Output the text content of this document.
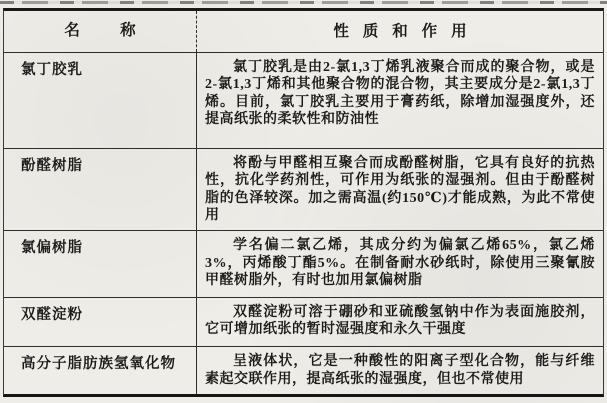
名称	性质和作用
氯丁胶乳	氯丁胶乳是由2-氯1,3丁烯乳液聚合而成的聚合物，或是2-氯1,3丁烯和其他聚合物的混合物，其主要成分是2-氯1,3丁烯。目前，氯丁胶乳主要用于膏药纸，除增加湿强度外，还提高纸张的柔软性和防油性

酚醛树脂	将酚与甲醛相互聚合而成酚醛树脂，它具有良好的抗热性，抗化学药剂性，可作用为纸张的湿强剂。但由于酚醛树脂的色泽较深。加之需高温(约150℃)才能成熟，为此不常使用

氯偏树脂	学名偏二氯乙烯，其成分约为偏氯乙烯65%，氯乙烯3%，丙烯酸丁酯5%。在制备耐水砂纸时，除使用三聚氰胺甲醛树脂外，有时也加用氯偏树脂

双醛淀粉	双醛淀粉可溶于硼砂和亚硫酸氢钠中作为表面施胶剂，它可增加纸张的暂时湿强度和永久干强度

高分子脂肪族氢氧化物	呈液体状，它是一种酸性的阳离子型化合物，能与纤维素起交联作用，提高纸张的湿强度，但也不常使用
